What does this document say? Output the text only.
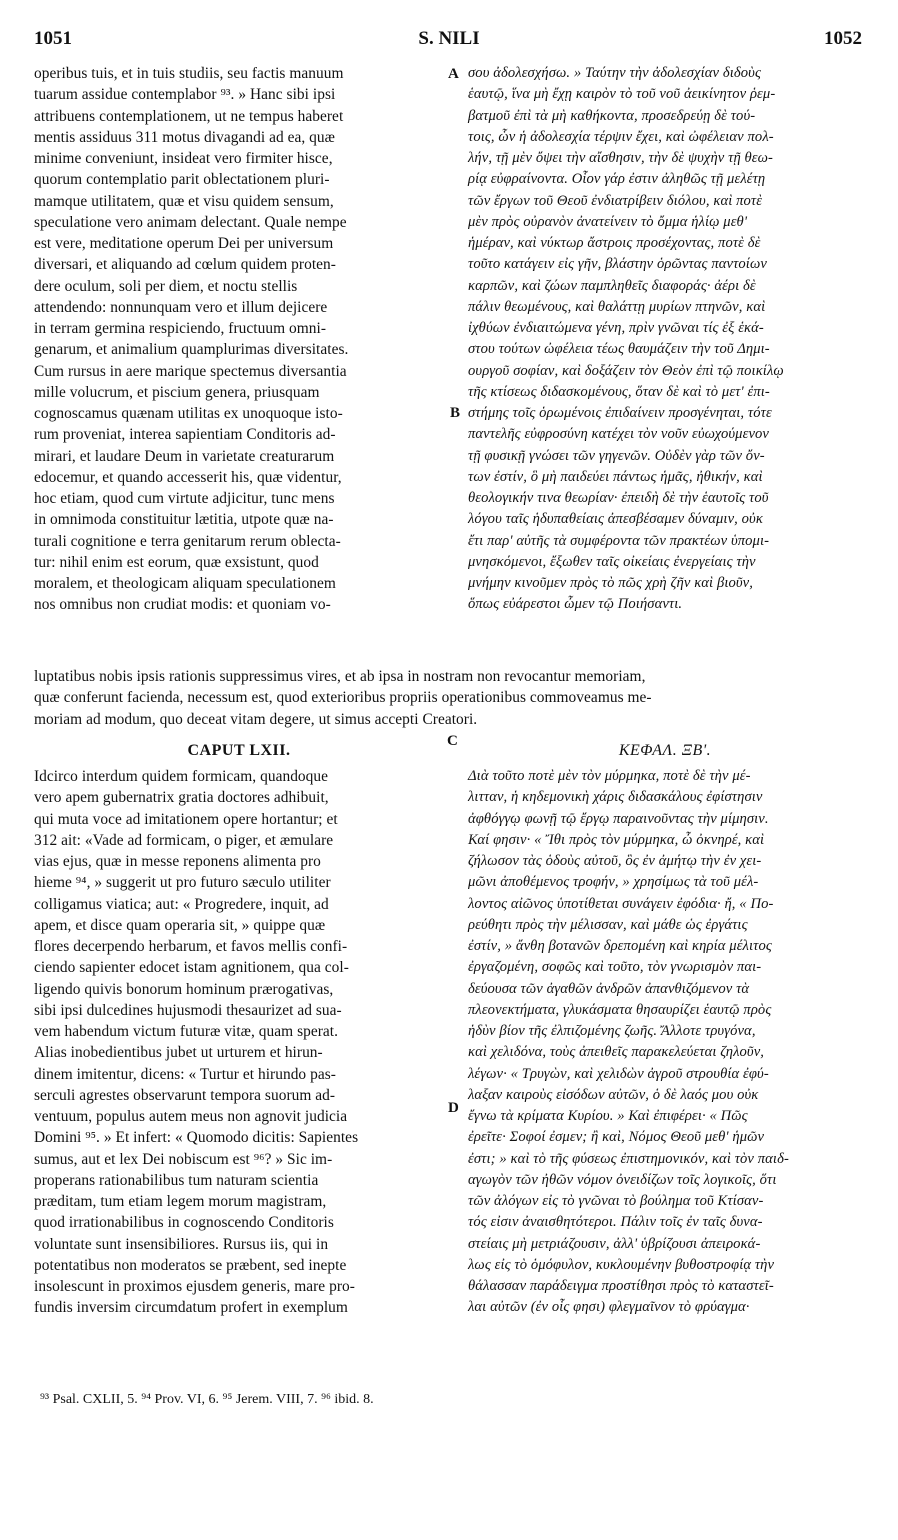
1051	S. NILI	1052
operibus tuis, et in tuis studiis, seu factis manuum
tuarum assidue contemplabor ⁹³. » Hanc sibi ipsi
attribuens contemplationem, ut ne tempus haberet
mentis assiduus 311 motus divagandi ad ea, quæ
minime conveniunt, insideat vero firmiter hisce,
quorum contemplatio parit oblectationem pluri-
mamque utilitatem, quæ et visu quidem sensum,
speculatione vero animam delectant. Quale nempe
est vere, meditatione operum Dei per universum
diversari, et aliquando ad cœlum quidem proten-
dere oculum, soli per diem, et noctu stellis
attendendo: nonnunquam vero et illum dejicere
in terram germina respiciendo, fructuum omni-
genarum, et animalium quamplurimas diversitates.
Cum rursus in aere marique spectemus diversantia
mille volucrum, et piscium genera, priusquam
cognoscamus quænam utilitas ex unoquoque isto-
rum proveniat, interea sapientiam Conditoris ad-
mirari, et laudare Deum in varietate creaturarum
edocemur, et quando accesserit his, quæ videntur,
hoc etiam, quod cum virtute adjicitur, tunc mens
in omnimoda constituitur lætitia, utpote quæ na-
turali cognitione e terra genitarum rerum oblecta-
tur: nihil enim est eorum, quæ exsistunt, quod
moralem, et theologicam aliquam speculationem
nos omnibus non crudiat modis: et quoniam vo-
σου ἀδολεσχήσω. » Ταύτην τὴν ἀδολεσχίαν διδοὺς
ἑαυτῷ, ἵνα μὴ ἔχῃ καιρὸν τὸ τοῦ νοῦ ἀεικίνητον ῥεμ-
βατμοῦ ἐπὶ τὰ μὴ καθήκοντα, προσεδρεύῃ δὲ τού-
τοις, ὧν ἡ ἀδολεσχία τέρψιν ἔχει, καὶ ὠφέλειαν πολ-
λήν, τῇ μὲν ὄψει τὴν αἴσθησιν, τὴν δὲ ψυχὴν τῇ θεω-
ρίᾳ εὐφραίνοντα. Οἷον γάρ ἐστιν ἀληθῶς τῇ μελέτῃ
τῶν ἔργων τοῦ Θεοῦ ἐνδιατρίβειν διόλου, καὶ ποτὲ
μὲν πρὸς οὐρανὸν ἀνατείνειν τὸ ὄμμα ἡλίῳ μεθ'
ἡμέραν, καὶ νύκτωρ ἄστροις προσέχοντας, ποτὲ δὲ
τοῦτο κατάγειν εἰς γῆν, βλάστην ὁρῶντας παντοίων
καρπῶν, καὶ ζώων παμπληθεῖς διαφοράς· ἀέρι δὲ
πάλιν θεωμένους, καὶ θαλάττῃ μυρίων πτηνῶν, καὶ
ἰχθύων ἐνδιαιτώμενα γένη, πρὶν γνῶναι τίς ἐξ ἑκά-
στου τούτων ὠφέλεια τέως θαυμάζειν τὴν τοῦ Δημι-
ουργοῦ σοφίαν, καὶ δοξάζειν τὸν Θεὸν ἐπὶ τῷ ποικίλῳ
τῆς κτίσεως διδασκομένους, ὅταν δὲ καὶ τὸ μετ' ἐπι-
στήμης τοῖς ὁρωμένοις ἐπιδαίνειν προσγένηται, τότε
παντελῆς εὐφροσύνη κατέχει τὸν νοῦν εὐωχούμενον
τῇ φυσικῇ γνώσει τῶν γηγενῶν. Οὐδὲν γὰρ τῶν ὄν-
των ἐστίν, ὃ μὴ παιδεύει πάντως ἡμᾶς, ἠθικήν, καὶ
θεολογικήν τινα θεωρίαν· ἐπειδὴ δὲ τὴν ἑαυτοῖς τοῦ
λόγου ταῖς ἡδυπαθείαις ἀπεσβέσαμεν δύναμιν, οὐκ
ἔτι παρ' αὐτῆς τὰ συμφέροντα τῶν πρακτέων ὑπομι-
μνησκόμενοι, ἔξωθεν ταῖς οἰκείαις ἐνεργείαις τὴν
μνήμην κινοῦμεν πρὸς τὸ πῶς χρὴ ζῆν καὶ βιοῦν,
ὅπως εὐάρεστοι ὦμεν τῷ Ποιήσαντι.
luptatibus nobis ipsis rationis suppressimus vires, et ab ipsa in nostram non revocantur memoriam,
quæ conferunt facienda, necessum est, quod exterioribus propriis operationibus commoveamus me-
moriam ad modum, quo deceat vitam degere, ut simus accepti Creatori.
A
B
C
D
CAPUT LXII.	ΚΕΦΑΛ. ΞΒ'.
Idcirco interdum quidem formicam, quandoque
vero apem gubernatrix gratia doctores adhibuit,
qui muta voce ad imitationem opere hortantur; et
312 ait: «Vade ad formicam, o piger, et æmulare
vias ejus, quæ in messe reponens alimenta pro
hieme ⁹⁴, » suggerit ut pro futuro sæculo utiliter
colligamus viatica; aut: « Progredere, inquit, ad
apem, et disce quam operaria sit, » quippe quæ
flores decerpendo herbarum, et favos mellis confi-
ciendo sapienter edocet istam agnitionem, qua col-
ligendo quivis bonorum hominum prærogativas,
sibi ipsi dulcedines hujusmodi thesaurizet ad sua-
vem habendum victum futuræ vitæ, quam sperat.
Alias inobedientibus jubet ut urturem et hirun-
dinem imitentur, dicens: « Turtur et hirundo pas-
serculi agrestes observarunt tempora suorum ad-
ventuum, populus autem meus non agnovit judicia
Domini ⁹⁵. » Et infert: « Quomodo dicitis: Sapientes
sumus, aut et lex Dei nobiscum est ⁹⁶? » Sic im-
properans rationabilibus tum naturam scientia
præditam, tum etiam legem morum magistram,
quod irrationabilibus in cognoscendo Conditoris
voluntate sunt insensibiliores. Rursus iis, qui in
potentatibus non moderatos se præbent, sed inepte
insolescunt in proximos ejusdem generis, mare pro-
fundis inversim circumdatum profert in exemplum
Διὰ τοῦτο ποτὲ μὲν τὸν μύρμηκα, ποτὲ δὲ τὴν μέ-
λιτταν, ἡ κηδεμονικὴ χάρις διδασκάλους ἐφίστησιν
ἀφθόγγῳ φωνῇ τῷ ἔργῳ παραινοῦντας τὴν μίμησιν.
Καί φησιν· « Ἴθι πρὸς τὸν μύρμηκα, ὦ ὀκνηρέ, καὶ
ζήλωσον τὰς ὁδοὺς αὐτοῦ, ὃς ἐν ἀμήτῳ τὴν ἐν χει-
μῶνι ἀποθέμενος τροφήν, » χρησίμως τὰ τοῦ μέλ-
λοντος αἰῶνος ὑποτίθεται συνάγειν ἐφόδια· ἤ, « Πο-
ρεύθητι πρὸς τὴν μέλισσαν, καὶ μάθε ὡς ἐργάτις
ἐστίν, » ἄνθη βοτανῶν δρεπομένη καὶ κηρία μέλιτος
ἐργαζομένη, σοφῶς καὶ τοῦτο, τὸν γνωρισμὸν παι-
δεύουσα τῶν ἀγαθῶν ἀνδρῶν ἀπανθιζόμενον τὰ
πλεονεκτήματα, γλυκάσματα θησαυρίζει ἑαυτῷ πρὸς
ἡδὺν βίον τῆς ἐλπιζομένης ζωῆς. Ἄλλοτε τρυγόνα,
καὶ χελιδόνα, τοὺς ἀπειθεῖς παρακελεύεται ζηλοῦν,
λέγων· « Τρυγὼν, καὶ χελιδὼν ἀγροῦ στρουθία ἐφύ-
λαξαν καιροὺς εἰσόδων αὐτῶν, ὁ δὲ λαός μου οὐκ
ἔγνω τὰ κρίματα Κυρίου. » Καὶ ἐπιφέρει· « Πῶς
ἐρεῖτε· Σοφοί ἐσμεν; ἢ καὶ, Νόμος Θεοῦ μεθ' ἡμῶν
ἐστι; » καὶ τὸ τῆς φύσεως ἐπιστημονικόν, καὶ τὸν παιδ-
αγωγὸν τῶν ἠθῶν νόμον ὀνειδίζων τοῖς λογικοῖς, ὅτι
τῶν ἀλόγων εἰς τὸ γνῶναι τὸ βούλημα τοῦ Κτίσαν-
τός εἰσιν ἀναισθητότεροι. Πάλιν τοῖς ἐν ταῖς δυνα-
στείαις μὴ μετριάζουσιν, ἀλλ' ὑβρίζουσι ἀπειροκά-
λως εἰς τὸ ὁμόφυλον, κυκλουμένην βυθοστροφίᾳ τὴν
θάλασσαν παράδειγμα προστίθησι πρὸς τὸ καταστεῖ-
λαι αὐτῶν (ἐν οἷς φησι) φλεγμαῖνον τὸ φρύαγμα·
⁹³ Psal. CXLII, 5. ⁹⁴ Prov. VI, 6. ⁹⁵ Jerem. VIII, 7. ⁹⁶ ibid. 8.
